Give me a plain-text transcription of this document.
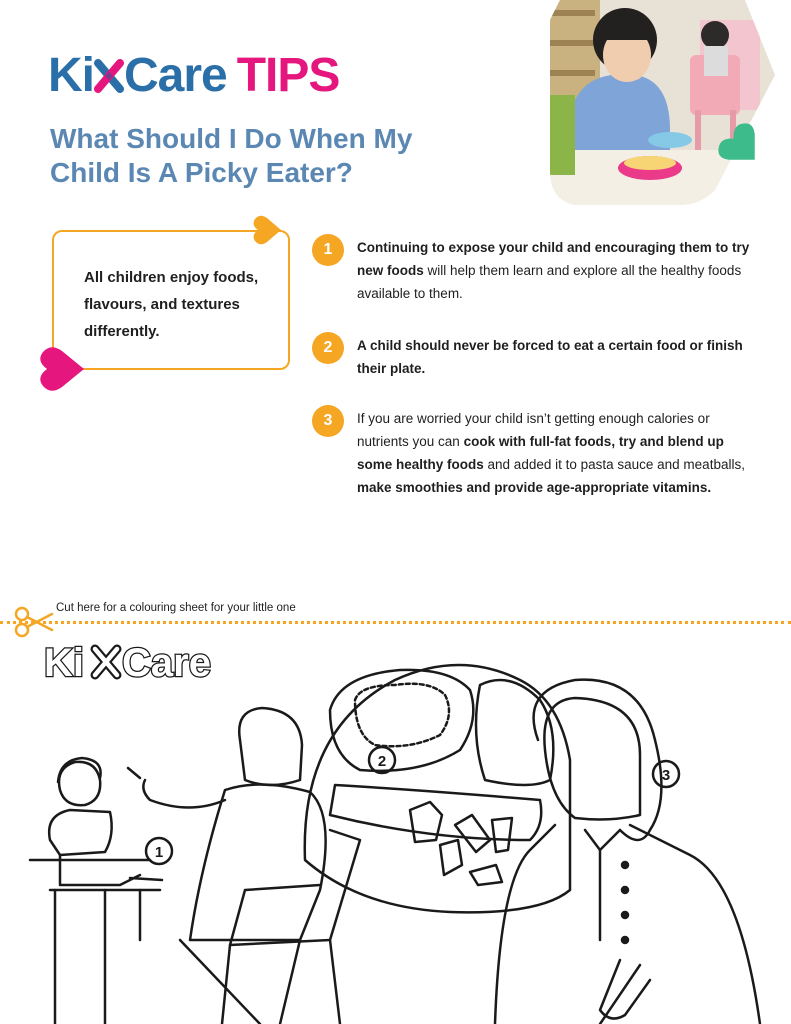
Ki Care TIPS
What Should I Do When My Child Is A Picky Eater?

All children enjoy foods, flavours, and textures differently.

1	Continuing to expose your child and encouraging them to try new foods will help them learn and explore all the healthy foods available to them.

2	A child should never be forced to eat a certain food or finish their plate.

3	If you are worried your child isn’t getting enough calories or nutrients you can cook with full-fat foods, try and blend up some healthy foods and added it to pasta sauce and meatballs, make smoothies and provide age-appropriate vitamins.

Cut here for a colouring sheet for your little one
1
2
3
Ki Care
